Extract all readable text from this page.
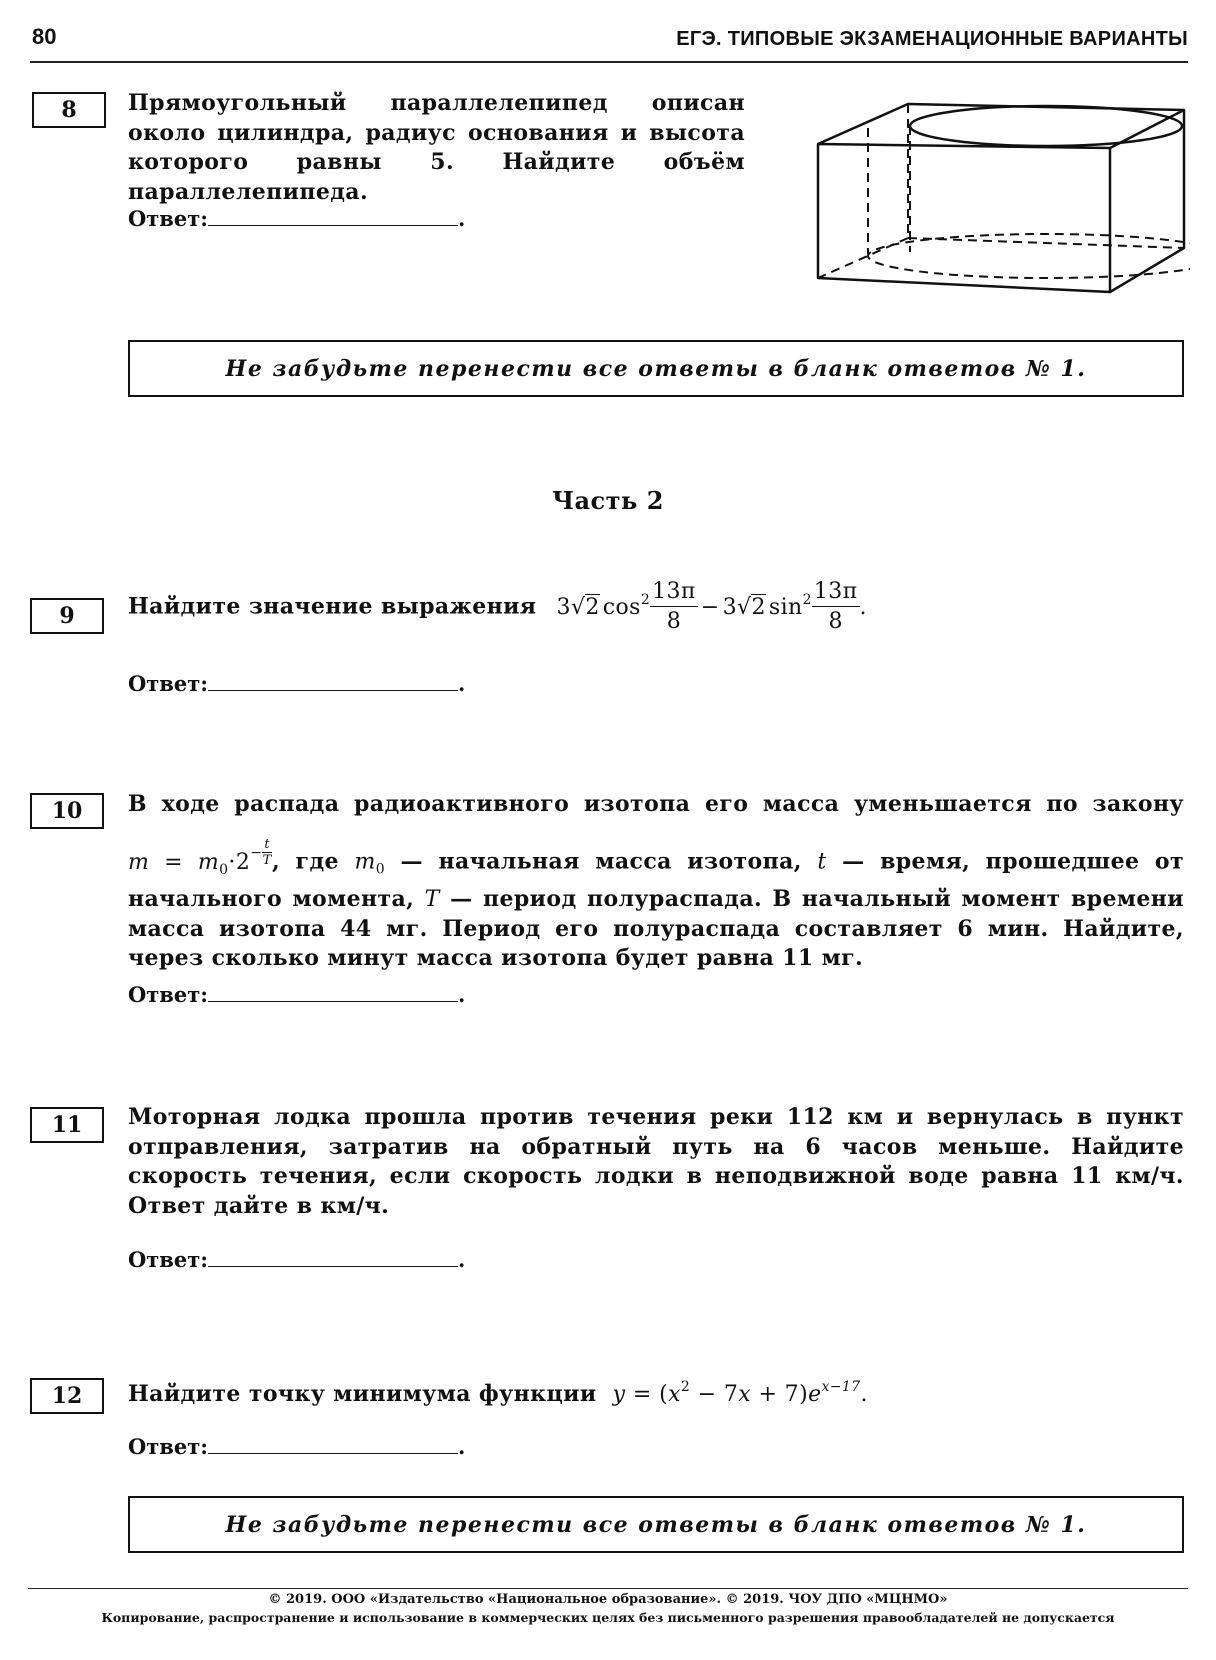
80	ЕГЭ. ТИПОВЫЕ ЭКЗАМЕНАЦИОННЫЕ ВАРИАНТЫ
8	Прямоугольный параллелепипед описан около цилиндра, радиус основания и высота которого равны 5. Найдите объём параллелепипеда.
Ответ:	.
Не забудьте перенести все ответы в бланк ответов № 1.
Часть 2
9	Найдите значение выражения 3√2 $\cos^2 \frac{13\pi}{8} - 3√2$ $\sin^2 \frac{13\pi}{8}$ .
Ответ:	.
10	В ходе распада радиоактивного изотопа его масса уменьшается по закону
$m = m_0\cdot 2^{- \frac{t}{T}}$ , где $m_0$ — начальная масса изотопа, t — время, прошедшее от начального момента, T — период полураспада. В начальный момент времени масса изотопа 44 мг. Период его полураспада составляет 6 мин. Найдите, через сколько минут масса изотопа будет равна 11 мг.
Ответ:	.
11	Моторная лодка прошла против течения реки 112 км и вернулась в пункт отправления, затратив на обратный путь на 6 часов меньше. Найдите скорость течения, если скорость лодки в неподвижной воде равна 11 км/ч. Ответ дайте в км/ч.
Ответ:	.
12	Найдите точку минимума функции $y = (x^2 - 7x + 7)e^{x-17}$.
Ответ:	.
Не забудьте перенести все ответы в бланк ответов № 1.
© 2019. ООО «Издательство «Национальное образование». © 2019. ЧОУ ДПО «МЦНМО»
Копирование, распространение и использование в коммерческих целях без письменного разрешения правообладателей не допускается
